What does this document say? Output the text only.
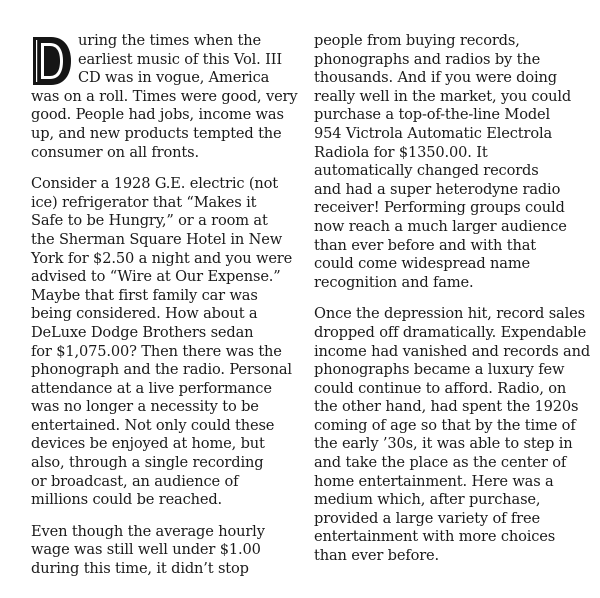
uring the times when the
earliest music of this Vol. III
CD was in vogue, America
was on a roll. Times were good, very
good. People had jobs, income was
up, and new products tempted the
consumer on all fronts.
Consider a 1928 G.E. electric (not
ice) refrigerator that “Makes it
Safe to be Hungry,” or a room at
the Sherman Square Hotel in New
York for $2.50 a night and you were
advised to “Wire at Our Expense.”
Maybe that first family car was
being considered. How about a
DeLuxe Dodge Brothers sedan
for $1,075.00? Then there was the
phonograph and the radio. Personal
attendance at a live performance
was no longer a necessity to be
entertained. Not only could these
devices be enjoyed at home, but
also, through a single recording
or broadcast, an audience of
millions could be reached.
Even though the average hourly
wage was still well under $1.00
during this time, it didn’t stop
people from buying records,
phonographs and radios by the
thousands. And if you were doing
really well in the market, you could
purchase a top-of-the-line Model
954 Victrola Automatic Electrola
Radiola for $1350.00. It
automatically changed records
and had a super heterodyne radio
receiver! Performing groups could
now reach a much larger audience
than ever before and with that
could come widespread name
recognition and fame.
Once the depression hit, record sales
dropped off dramatically. Expendable
income had vanished and records and
phonographs became a luxury few
could continue to afford. Radio, on
the other hand, had spent the 1920s
coming of age so that by the time of
the early ’30s, it was able to step in
and take the place as the center of
home entertainment. Here was a
medium which, after purchase,
provided a large variety of free
entertainment with more choices
than ever before.
